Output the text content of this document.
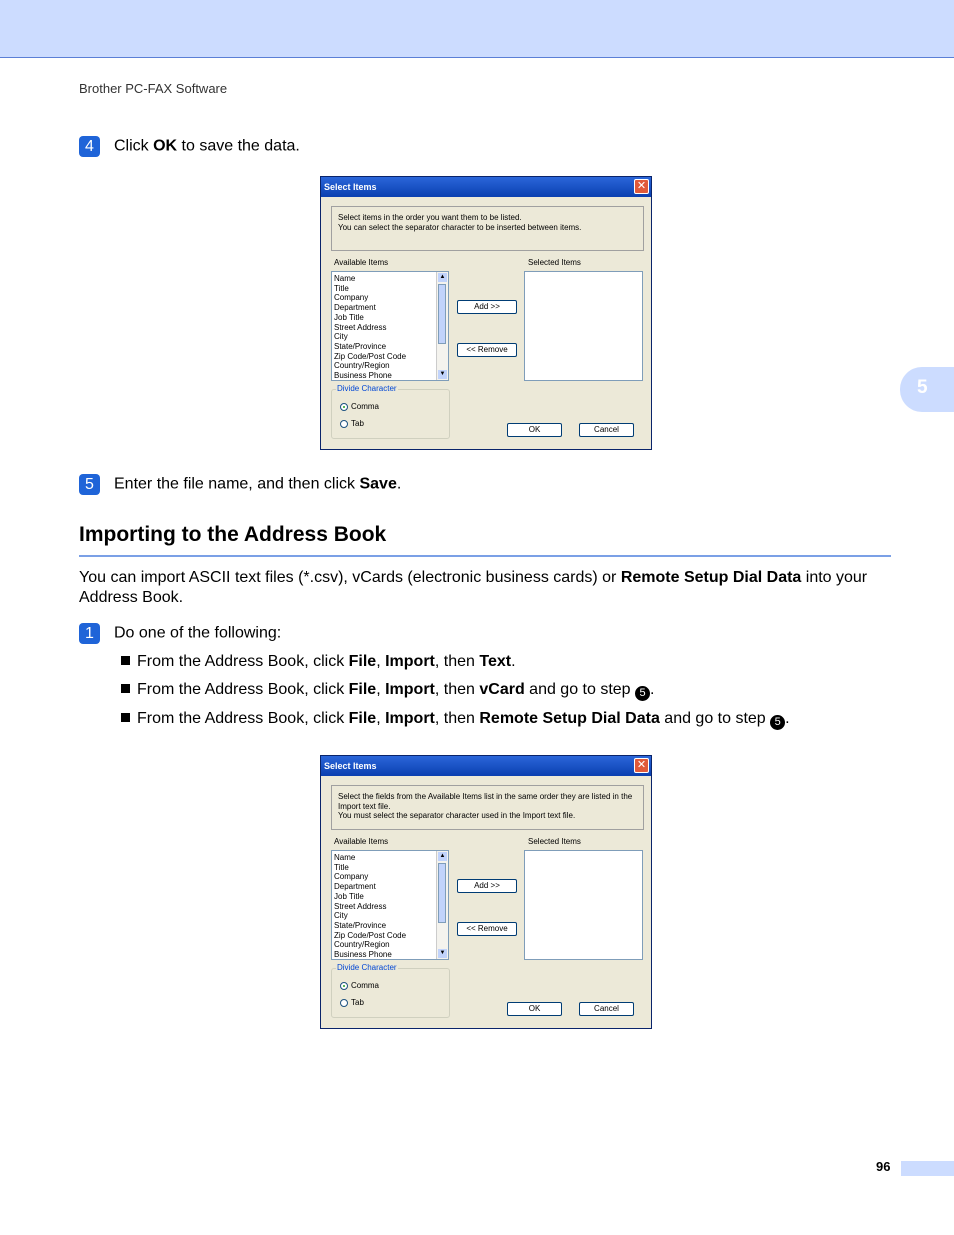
Brother PC-FAX Software
5
4 Click OK to save the data.
Select Items	✕
Select items in the order you want them to be listed.
You can select the separator character to be inserted between items.
Available Items	Selected Items
Name
Title
Company
Department
Job Title
Street Address
City
State/Province
Zip Code/Post Code
Country/Region
Business Phone
▲
▼
Add >>
<< Remove
Divide Character
Comma
Tab
OK	Cancel
5 Enter the file name, and then click Save.
Importing to the Address Book
You can import ASCII text files (*.csv), vCards (electronic business cards) or Remote Setup Dial Data into your Address Book.
1 Do one of the following:
From the Address Book, click File, Import, then Text.
From the Address Book, click File, Import, then vCard and go to step 5 .
From the Address Book, click File, Import, then Remote Setup Dial Data and go to step 5 .
Select Items	✕
Select the fields from the Available Items list in the same order they are listed in the
Import text file.
You must select the separator character used in the Import text file.
Available Items	Selected Items
Name
Title
Company
Department
Job Title
Street Address
City
State/Province
Zip Code/Post Code
Country/Region
Business Phone
▲
▼
Add >>
<< Remove
Divide Character
Comma
Tab
OK	Cancel
96
